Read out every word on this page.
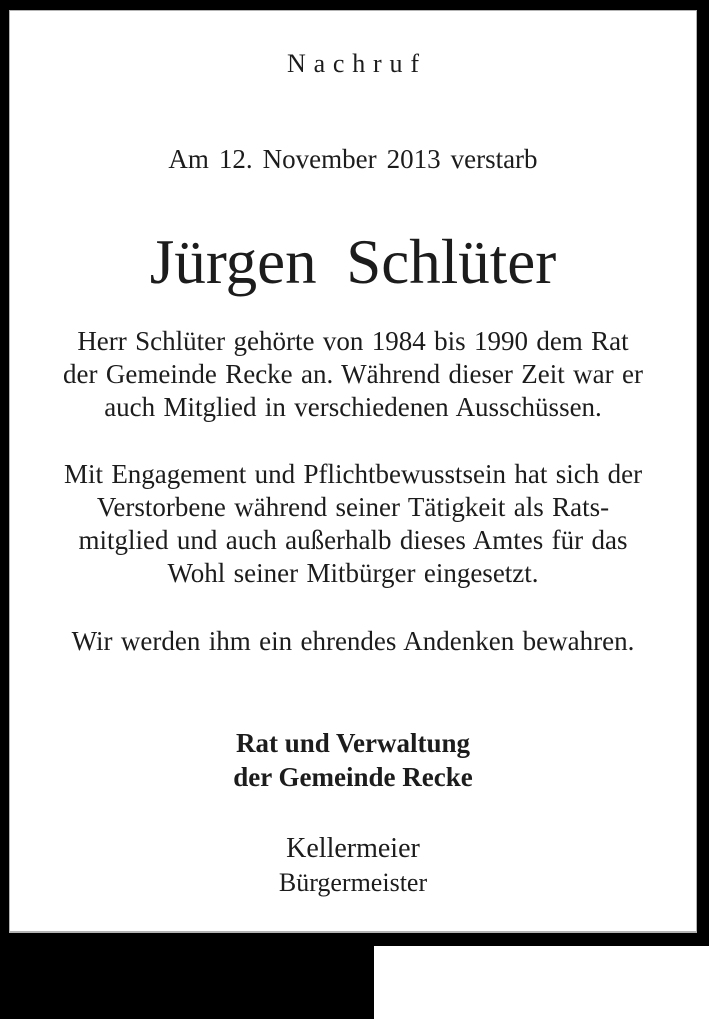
Nachruf
Am 12. November 2013 verstarb
Jürgen Schlüter
Herr Schlüter gehörte von 1984 bis 1990 dem Rat
der Gemeinde Recke an. Während dieser Zeit war er
auch Mitglied in verschiedenen Ausschüssen.
Mit Engagement und Pflichtbewusstsein hat sich der
Verstorbene während seiner Tätigkeit als Rats-
mitglied und auch außerhalb dieses Amtes für das
Wohl seiner Mitbürger eingesetzt.
Wir werden ihm ein ehrendes Andenken bewahren.
Rat und Verwaltung
der Gemeinde Recke
Kellermeier
Bürgermeister
